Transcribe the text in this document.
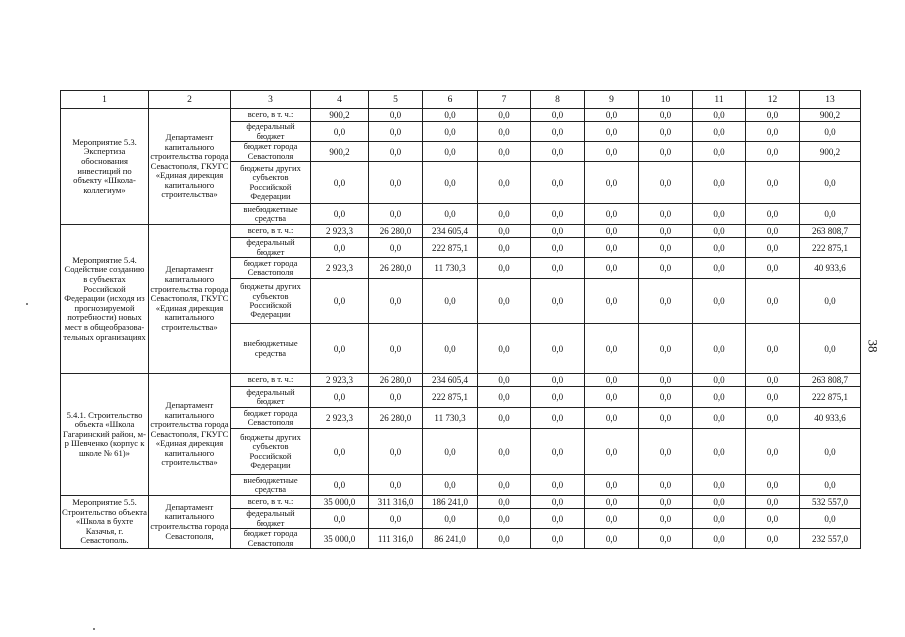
1	2	3	4	5	6	7	8	9	10	11	12	13
Мероприятие 5.3. Экспертиза обоснования инвестиций по объекту «Школа-коллегиум»	Департамент капитального строительства города Севастополя, ГКУГС «Единая дирекция капитального строительства»	всего, в т. ч.:	900,2	0,0	0,0	0,0	0,0	0,0	0,0	0,0	0,0	900,2
		федеральный бюджет	0,0	0,0	0,0	0,0	0,0	0,0	0,0	0,0	0,0	0,0
		бюджет города Севастополя	900,2	0,0	0,0	0,0	0,0	0,0	0,0	0,0	0,0	900,2
		бюджеты других субъектов Российской Федерации	0,0	0,0	0,0	0,0	0,0	0,0	0,0	0,0	0,0	0,0
		внебюджетные средства	0,0	0,0	0,0	0,0	0,0	0,0	0,0	0,0	0,0	0,0
Мероприятие 5.4. Содействие созданию в субъектах Российской Федерации (исходя из прогнозируемой потребности) новых мест в общеобразова-тельных организациях	Департамент капитального строительства города Севастополя, ГКУГС «Единая дирекция капитального строительства»	всего, в т. ч.:	2 923,3	26 280,0	234 605,4	0,0	0,0	0,0	0,0	0,0	0,0	263 808,7
		федеральный бюджет	0,0	0,0	222 875,1	0,0	0,0	0,0	0,0	0,0	0,0	222 875,1
		бюджет города Севастополя	2 923,3	26 280,0	11 730,3	0,0	0,0	0,0	0,0	0,0	0,0	40 933,6
		бюджеты других субъектов Российской Федерации	0,0	0,0	0,0	0,0	0,0	0,0	0,0	0,0	0,0	0,0
		внебюджетные средства	0,0	0,0	0,0	0,0	0,0	0,0	0,0	0,0	0,0	0,0
5.4.1. Строительство объекта «Школа Гагаринский район, м-р Шевченко (корпус к школе № 61)»	Департамент капитального строительства города Севастополя, ГКУГС «Единая дирекция капитального строительства»	всего, в т. ч.:	2 923,3	26 280,0	234 605,4	0,0	0,0	0,0	0,0	0,0	0,0	263 808,7
		федеральный бюджет	0,0	0,0	222 875,1	0,0	0,0	0,0	0,0	0,0	0,0	222 875,1
		бюджет города Севастополя	2 923,3	26 280,0	11 730,3	0,0	0,0	0,0	0,0	0,0	0,0	40 933,6
		бюджеты других субъектов Российской Федерации	0,0	0,0	0,0	0,0	0,0	0,0	0,0	0,0	0,0	0,0
		внебюджетные средства	0,0	0,0	0,0	0,0	0,0	0,0	0,0	0,0	0,0	0,0
Мероприятие 5.5. Строительство объекта «Школа в бухте Казачья, г. Севастополь.	Департамент капитального строительства города Севастополя,	всего, в т. ч.:	35 000,0	311 316,0	186 241,0	0,0	0,0	0,0	0,0	0,0	0,0	532 557,0
		федеральный бюджет	0,0	0,0	0,0	0,0	0,0	0,0	0,0	0,0	0,0	0,0
		бюджет города Севастополя	35 000,0	111 316,0	86 241,0	0,0	0,0	0,0	0,0	0,0	0,0	232 557,0
38
